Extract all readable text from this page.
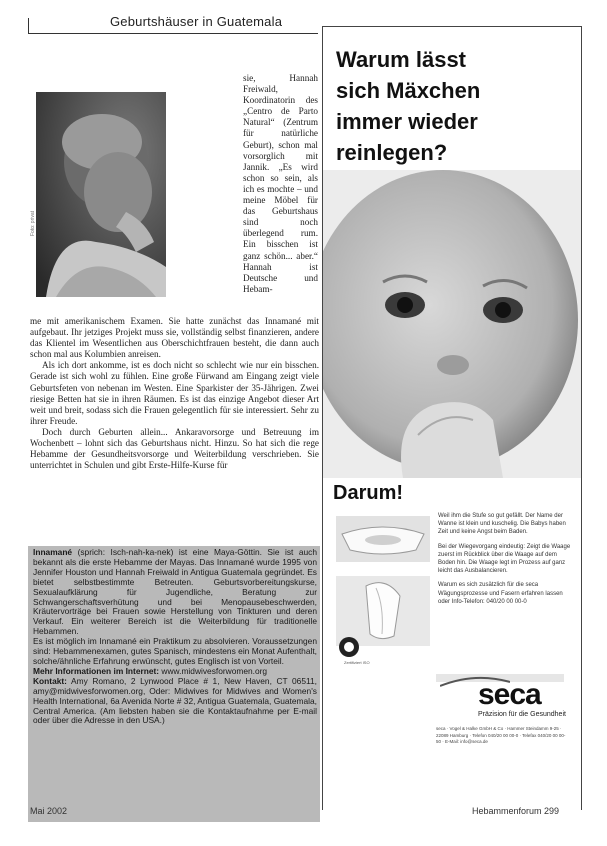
Geburtshäuser in Guatemala
Foto: privat

sie, Hannah Freiwald, Koordinatorin des „Centro de Parto Natural“ (Zentrum für natürliche Geburt), schon mal vorsorglich mit Jannik. „Es wird schon so sein, als ich es mochte – und meine Möbel für das Geburtshaus sind noch überlegend rum. Ein bisschen ist ganz schön... aber.“ Hannah ist Deutsche und Hebam-

me mit amerikanischem Examen. Sie hatte zunächst das Innamané mit aufgebaut. Ihr jetziges Projekt muss sie, vollständig selbst finanzieren, andere das Klientel im Wesentlichen aus Oberschichtfrauen besteht, die dann auch schon mal aus Kolumbien anreisen.

Als ich dort ankomme, ist es doch nicht so schlecht wie nur ein bisschen. Gerade ist sich wohl zu fühlen. Eine große Fürwand am Eingang zeigt viele Geburtsfeten von nebenan im Westen. Eine Sparkister der 35-Jährigen. Zwei riesige Betten hat sie in ihren Räumen. Es ist das einzige Angebot dieser Art weit und breit, sodass sich die Frauen gelegentlich für sie interessiert. Sehr zu ihrer Freude.

Doch durch Geburten allein... Ankaravorsorge und Betreuung im Wochenbett – lohnt sich das Geburtshaus nicht. Hinzu. So hat sich die rege Hebamme der Gesundheitsvorsorge und Weiterbildung verschrieben. Sie unterrichtet in Schulen und gibt Erste-Hilfe-Kurse für

Innamané (sprich: Isch-nah-ka-nek) ist eine Maya-Göttin. Sie ist auch bekannt als die erste Hebamme der Mayas. Das Innamané wurde 1995 von Jennifer Houston und Hannah Freiwald in Antigua Guatemala gegründet. Es bietet selbstbestimmte Betreuten. Geburtsvorbereitungskurse, Sexualaufklärung für Jugendliche, Beratung zur Schwangerschaftsverhütung und bei Menopausebeschwerden, Kräutervorträge bei Frauen sowie Herstellung von Tinkturen und deren Verkauf. Ein weiterer Bereich ist die Weiterbildung für traditionelle Hebammen.

Es ist möglich im Innamané ein Praktikum zu absolvieren. Voraussetzungen sind: Hebammenexamen, gutes Spanisch, mindestens ein Monat Aufenthalt, solche/ähnliche Erfahrung erwünscht, gutes Englisch ist von Vorteil.

Mehr Informationen im Internet: www.midwivesforwomen.org

Kontakt: Amy Romano, 2 Lynwood Place # 1, New Haven, CT 06511, amy@midwivesforwomen.org, Oder: Midwives for Midwives and Women's Health International, 6a Avenida Norte # 32, Antigua Guatemala, Guatemala, Central America. (Am liebsten haben sie die Kontaktaufnahme per E-mail oder über die Adresse in den USA.)

Mai 2002	Hebammenforum 299
Warum lässt
sich Mäxchen
immer wieder
reinlegen?
Darum!
Zertifiziert ISO

Weil ihm die Stufe so gut gefällt. Der Name der Wanne ist klein und kuschelig. Die Babys haben Zeit und keine Angst beim Baden.

Bei der Wiegevorgang eindeutig: Zeigt die Waage zuerst im Rückblick über die Waage auf dem Boden hin. Die Waage legt im Prozess auf ganz leicht das Ausbalancieren.

Warum es sich zusätzlich für die seca Wägungsprozesse und Fasern erfahren lassen oder Info-Telefon: 040/20 00 00-0

seca
Präzision für die Gesundheit
seca · Vogel & Halke GmbH & Co · Hammer Steindamm 9-25 · 22089 Hamburg · Telefon 040/20 00 00-0 · Telefax 040/20 00 00-50 · E-Mail: info@seca.de
